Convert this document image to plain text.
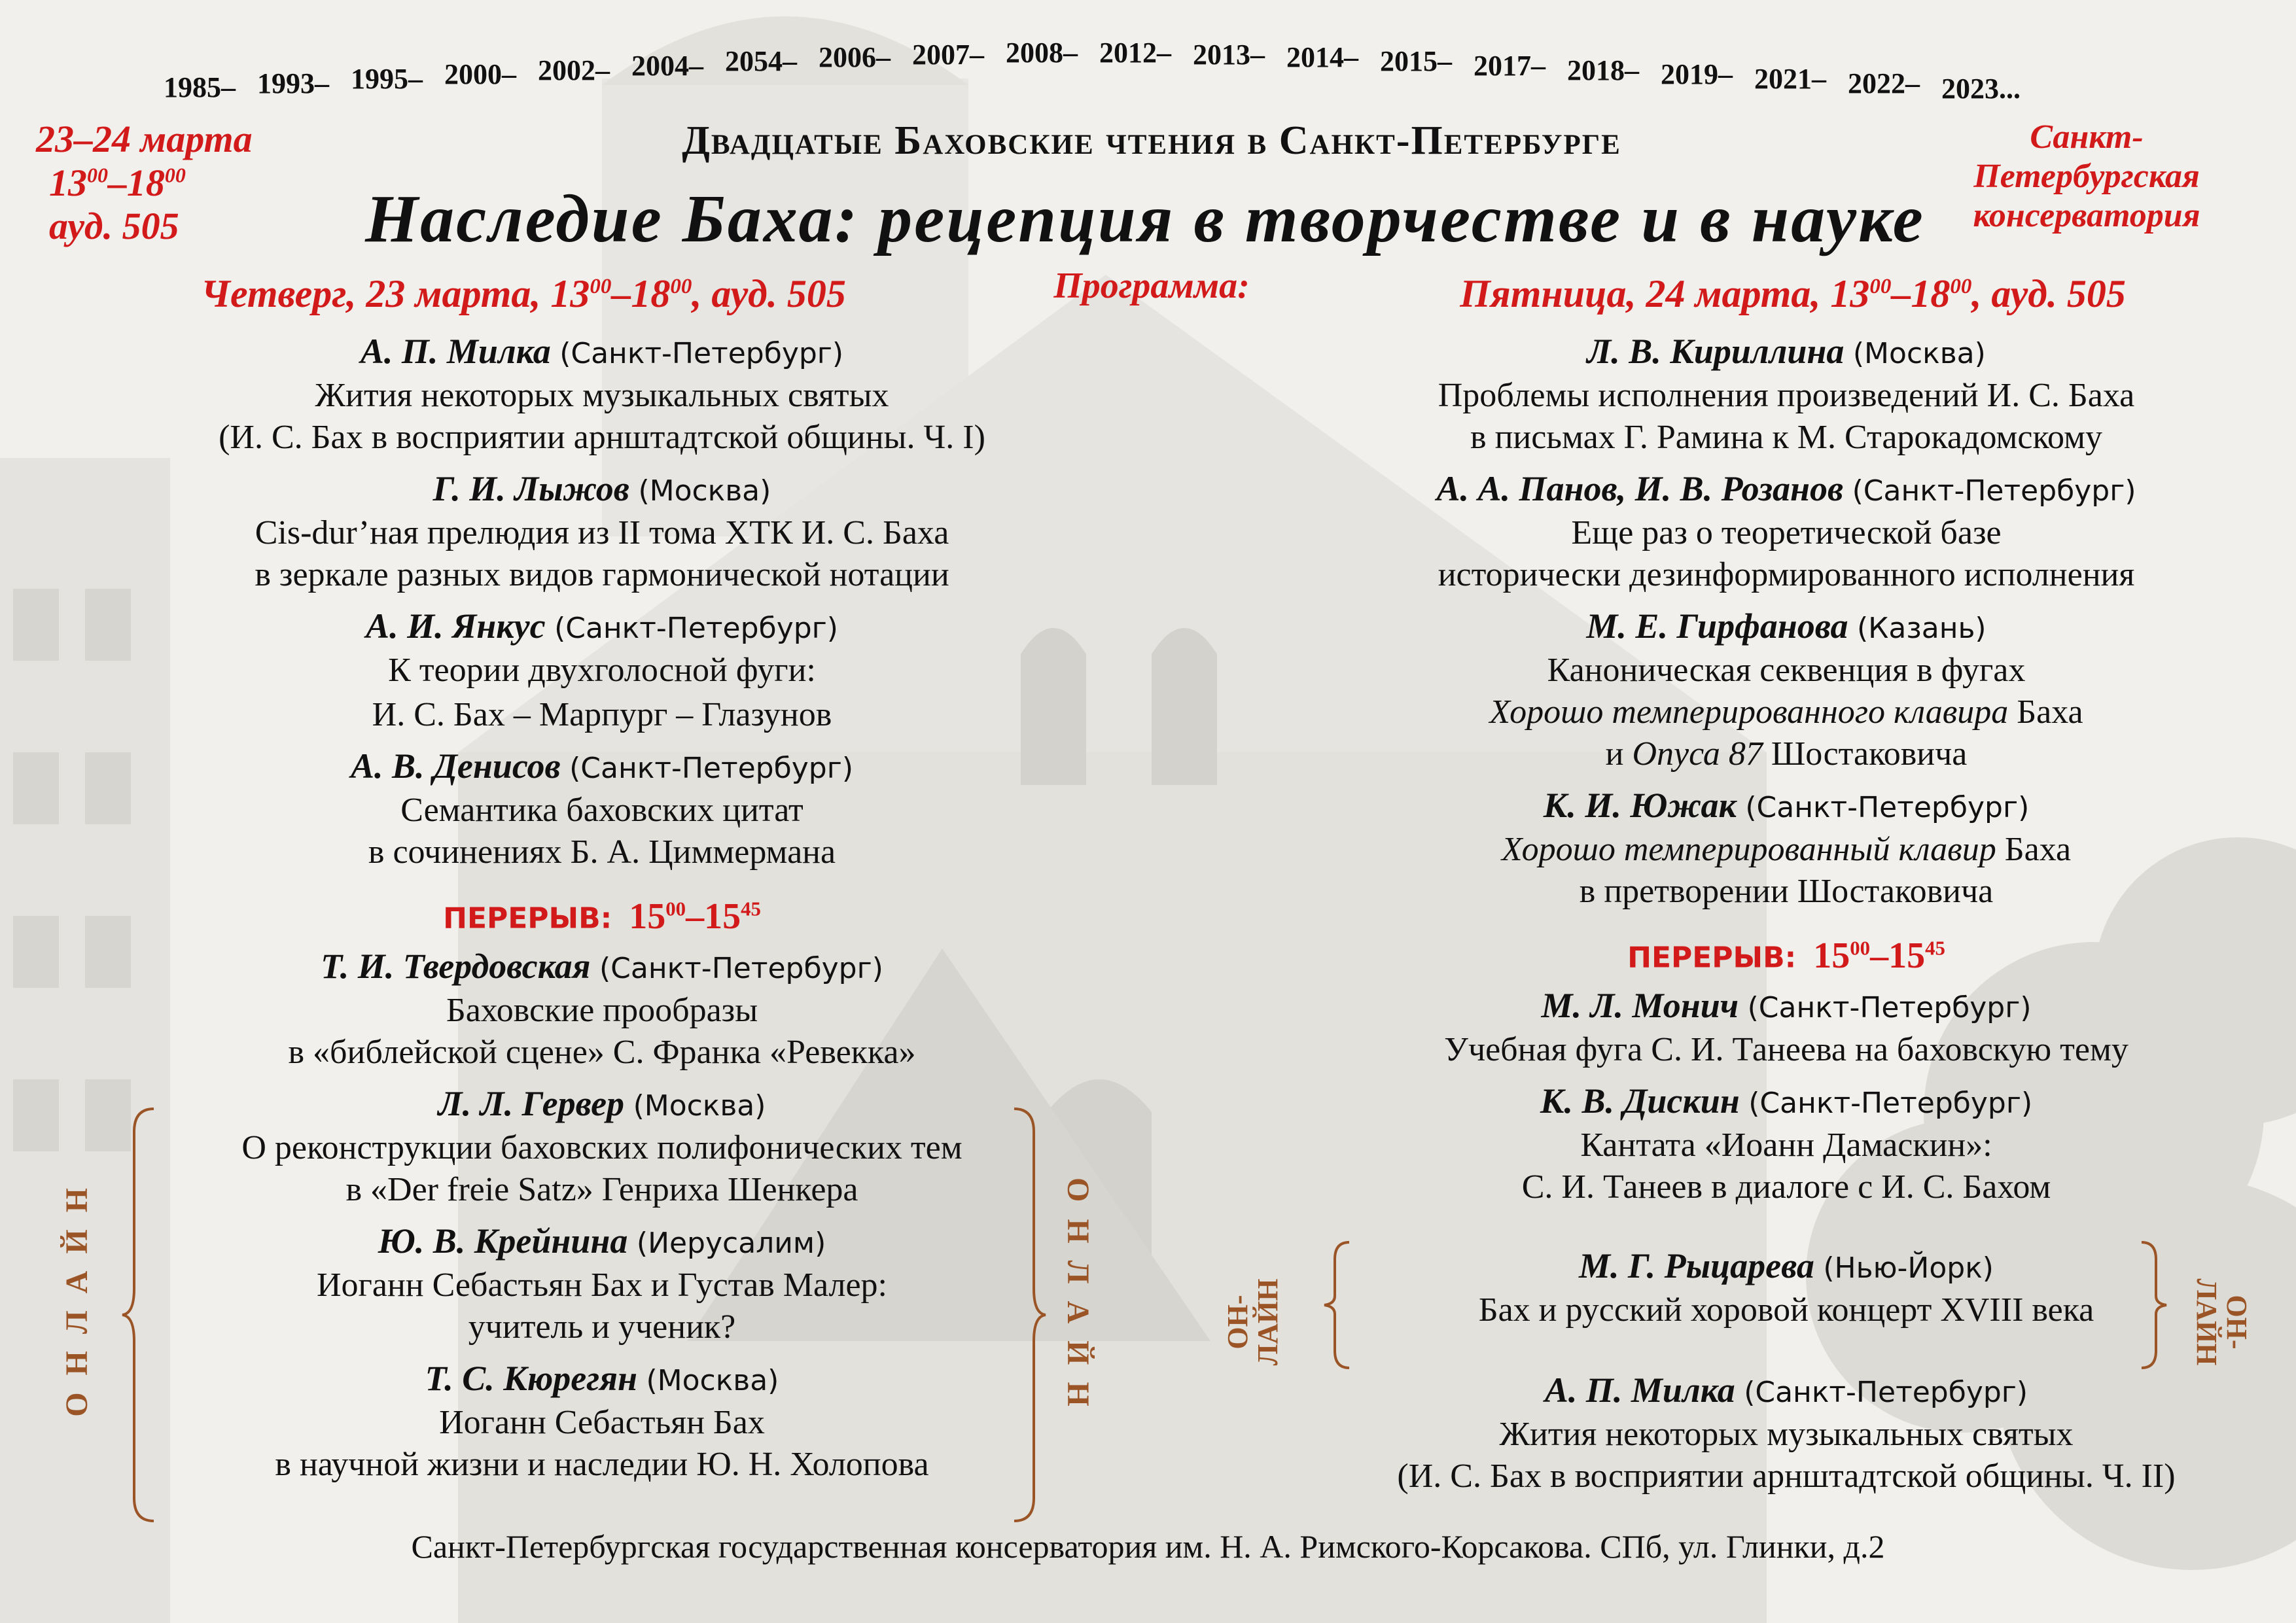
1985– 1993– 1995– 2000– 2002– 2004– 2054– 2006– 2007– 2008– 2012– 2013– 2014– 2015– 2017– 2018– 2019– 2021– 2022– 2023...
23–24 марта
$13^{00}-18^{00}$
ауд. 505
Санкт-
Петербургская
консерватория
Двадцатые Баховские чтения в Санкт-Петербурге
Наследие Баха: рецепция в творчестве и в науке
Программа:
Четверг, 23 марта, $13^{00}-18^{00}$, ауд. 505	Пятница, 24 марта, $13^{00}-18^{00}$, ауд. 505
А. П. Милка (Санкт-Петербург)
Жития некоторых музыкальных святых
(И. С. Бах в восприятии арнштадтской общины. Ч. I)
Г. И. Лыжов (Москва)
Cis-dur’ная прелюдия из II тома ХТК И. С. Баха
в зеркале разных видов гармонической нотации
А. И. Янкус (Санкт-Петербург)
К теории двухголосной фуги:
И. С. Бах – Марпург – Глазунов
А. В. Денисов (Санкт-Петербург)
Семантика баховских цитат
в сочинениях Б. А. Циммермана
ПЕРЕРЫВ: $15^{00}-15^{45}$
Т. И. Твердовская (Санкт-Петербург)
Баховские прообразы
в «библейской сцене» С. Франка «Ревекка»
Л. Л. Гервер (Москва)
О реконструкции баховских полифонических тем
в «Der freie Satz» Генриха Шенкера
Ю. В. Крейнина (Иерусалим)
Иоганн Себастьян Бах и Густав Малер:
учитель и ученик?
Т. С. Кюрегян (Москва)
Иоганн Себастьян Бах
в научной жизни и наследии Ю. Н. Холопова
Л. В. Кириллина (Москва)
Проблемы исполнения произведений И. С. Баха
в письмах Г. Рамина к М. Старокадомскому
А. А. Панов, И. В. Розанов (Санкт-Петербург)
Еще раз о теоретической базе
исторически дезинформированного исполнения
М. Е. Гирфанова (Казань)
Каноническая секвенция в фугах
Хорошо темперированного клавира Баха
и Опуса 87 Шостаковича
К. И. Южак (Санкт-Петербург)
Хорошо темперированный клавир Баха
в претворении Шостаковича
ПЕРЕРЫВ: $15^{00}-15^{45}$
М. Л. Монич (Санкт-Петербург)
Учебная фуга С. И. Танеева на баховскую тему
К. В. Дискин (Санкт-Петербург)
Кантата «Иоанн Дамаскин»:
С. И. Танеев в диалоге с И. С. Бахом
М. Г. Рыцарева (Нью-Йорк)
Бах и русский хоровой концерт XVIII века
А. П. Милка (Санкт-Петербург)
Жития некоторых музыкальных святых
(И. С. Бах в восприятии арнштадтской общины. Ч. II)
ОНЛАЙН	ОНЛАЙН	ОН-
ЛАЙН	ОН-
ЛАЙН
Санкт-Петербургская государственная консерватория им. Н. А. Римского-Корсакова. СПб, ул. Глинки, д.2
